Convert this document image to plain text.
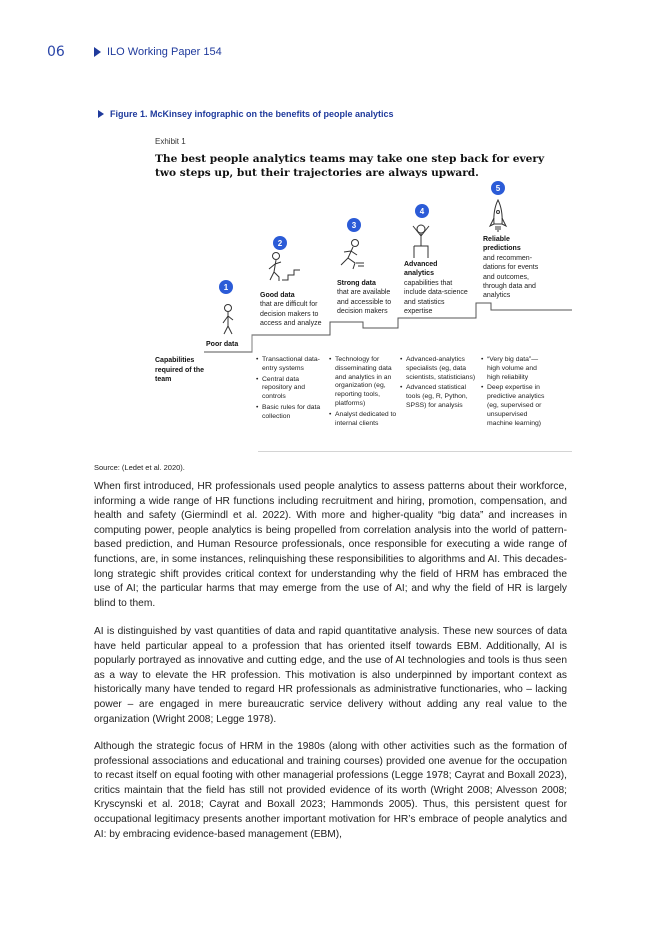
06	ILO Working Paper 154
Figure 1. McKinsey infographic on the benefits of people analytics
Exhibit 1
The best people analytics teams may take one step back for every two steps up, but their trajectories are always upward.
1
2
3
4
5
Poor data
Good data
that are difficult for decision makers to access and analyze
Strong data
that are available and accessible to decision makers
Advanced analytics
capabilities that include data-science and statistics expertise
Reliable predictions
and recommen-dations for events and outcomes, through data and analytics
Capabilities required of the team
• Transactional data-entry systems
• Central data repository and controls
• Basic rules for data collection
• Technology for disseminating data and analytics in an organization (eg, reporting tools, platforms)
• Analyst dedicated to internal clients
• Advanced-analytics specialists (eg, data scientists, statisticians)
• Advanced statistical tools (eg, R, Python, SPSS) for analysis
• “Very big data”— high volume and high reliability
• Deep expertise in predictive analytics (eg, supervised or unsupervised machine learning)
Source: (Ledet et al. 2020).

When first introduced, HR professionals used people analytics to assess patterns about their workforce, informing a wide range of HR functions including recruitment and hiring, promotion, compensation, and health and safety (Giermindl et al. 2022). With more and higher-quality “big data” and increases in computing power, people analytics is being propelled from correlation analysis into the world of pattern-based prediction, and Human Resource professionals, once responsible for executing a wide range of functions, are, in some instances, relinquishing these responsibilities to algorithms and AI. This decades-long strategic shift provides critical context for understanding why the field of HRM has embraced the use of AI; the particular harms that may emerge from the use of AI; and why the field of HR is largely blind to them.

AI is distinguished by vast quantities of data and rapid quantitative analysis. These new sources of data have held particular appeal to a profession that has oriented itself towards EBM. Additionally, AI is popularly portrayed as innovative and cutting edge, and the use of AI technologies and tools is thus seen as a way to elevate the HR profession. This motivation is also underpinned by important context as historically many have tended to regard HR professionals as administrative functionaries, who – lacking power – are engaged in mere bureaucratic service delivery without adding any real value to the organization (Wright 2008; Legge 1978).

Although the strategic focus of HRM in the 1980s (along with other activities such as the formation of professional associations and educational and training courses) provided one avenue for the occupation to recast itself on equal footing with other managerial professions (Legge 1978; Cayrat and Boxall 2023), critics maintain that the field has still not provided evidence of its worth (Wright 2008; Alvesson 2008; Kryscynski et al. 2018; Cayrat and Boxall 2023; Hammonds 2005). Thus, this persistent quest for occupational legitimacy presents another important motivation for HR’s embrace of people analytics and AI: by embracing evidence-based management (EBM),
